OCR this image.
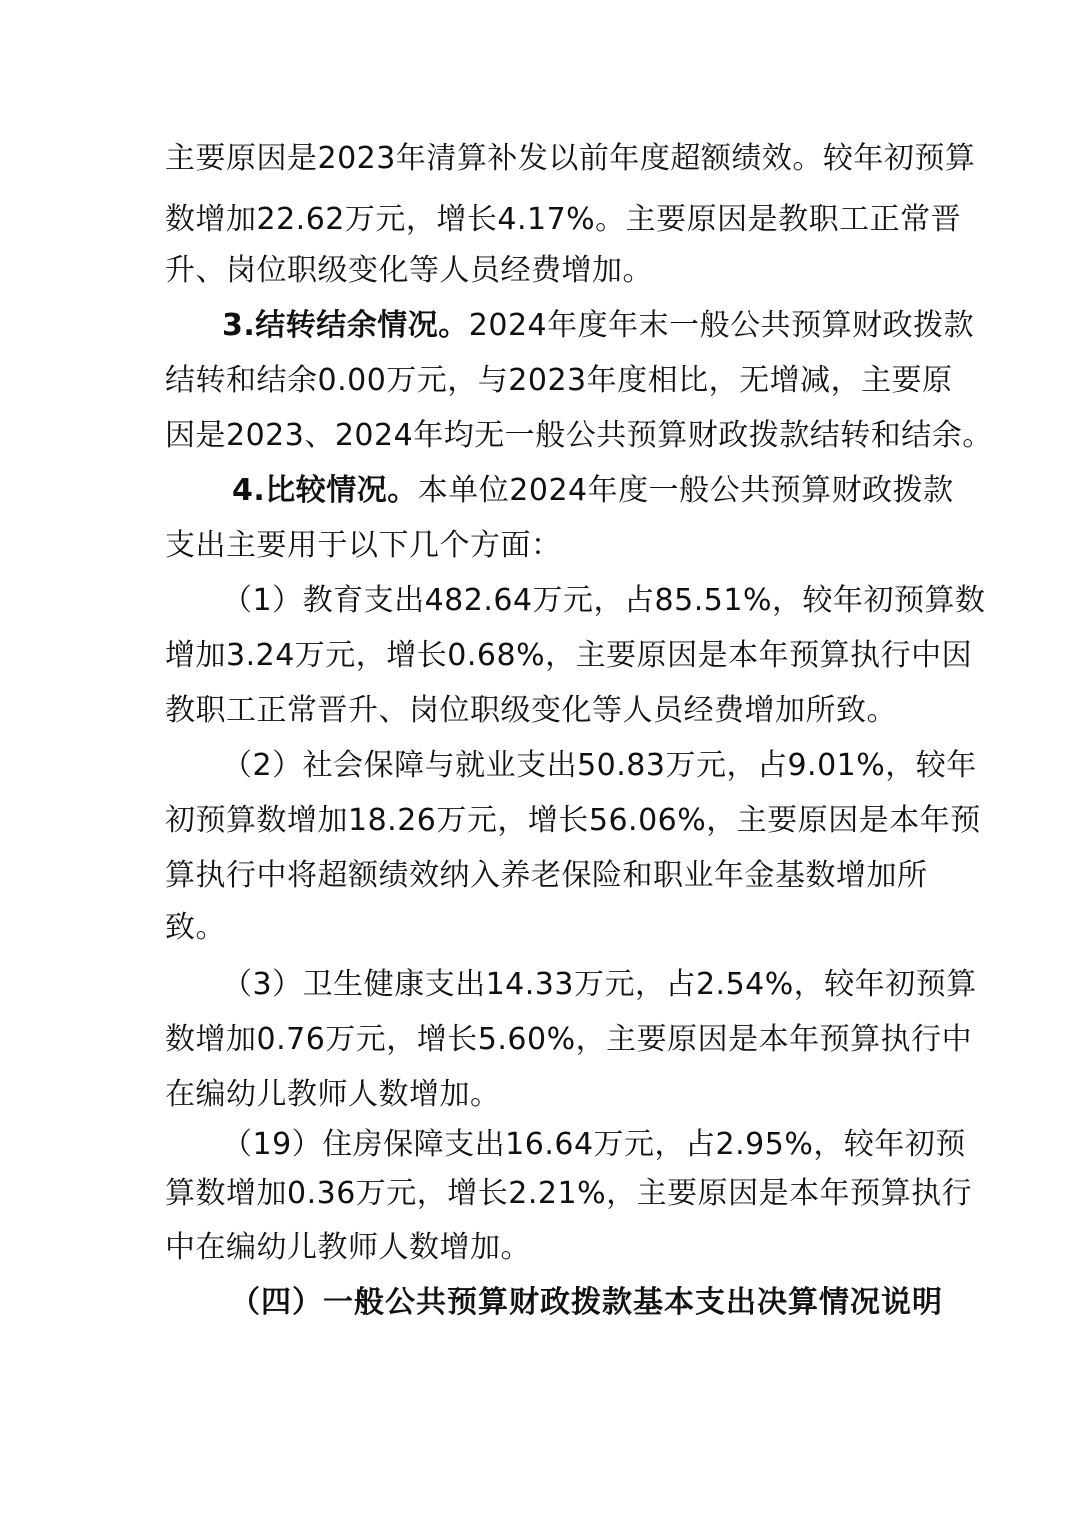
主要原因是2023年清算补发以前年度超额绩效。较年初预算
数增加22.62万元，增长4.17%。主要原因是教职工正常晋
升、岗位职级变化等人员经费增加。
3.结转结余情况。2024年度年末一般公共预算财政拨款
结转和结余0.00万元，与2023年度相比，无增减，主要原
因是2023、2024年均无一般公共预算财政拨款结转和结余。
4.比较情况。本单位2024年度一般公共预算财政拨款
支出主要用于以下几个方面：
（1）教育支出482.64万元，占85.51%，较年初预算数
增加3.24万元，增长0.68%，主要原因是本年预算执行中因
教职工正常晋升、岗位职级变化等人员经费增加所致。
（2）社会保障与就业支出50.83万元，占9.01%，较年
初预算数增加18.26万元，增长56.06%，主要原因是本年预
算执行中将超额绩效纳入养老保险和职业年金基数增加所
致。
（3）卫生健康支出14.33万元，占2.54%，较年初预算
数增加0.76万元，增长5.60%，主要原因是本年预算执行中
在编幼儿教师人数增加。
（19）住房保障支出16.64万元，占2.95%，较年初预
算数增加0.36万元，增长2.21%，主要原因是本年预算执行
中在编幼儿教师人数增加。
（四）一般公共预算财政拨款基本支出决算情况说明
